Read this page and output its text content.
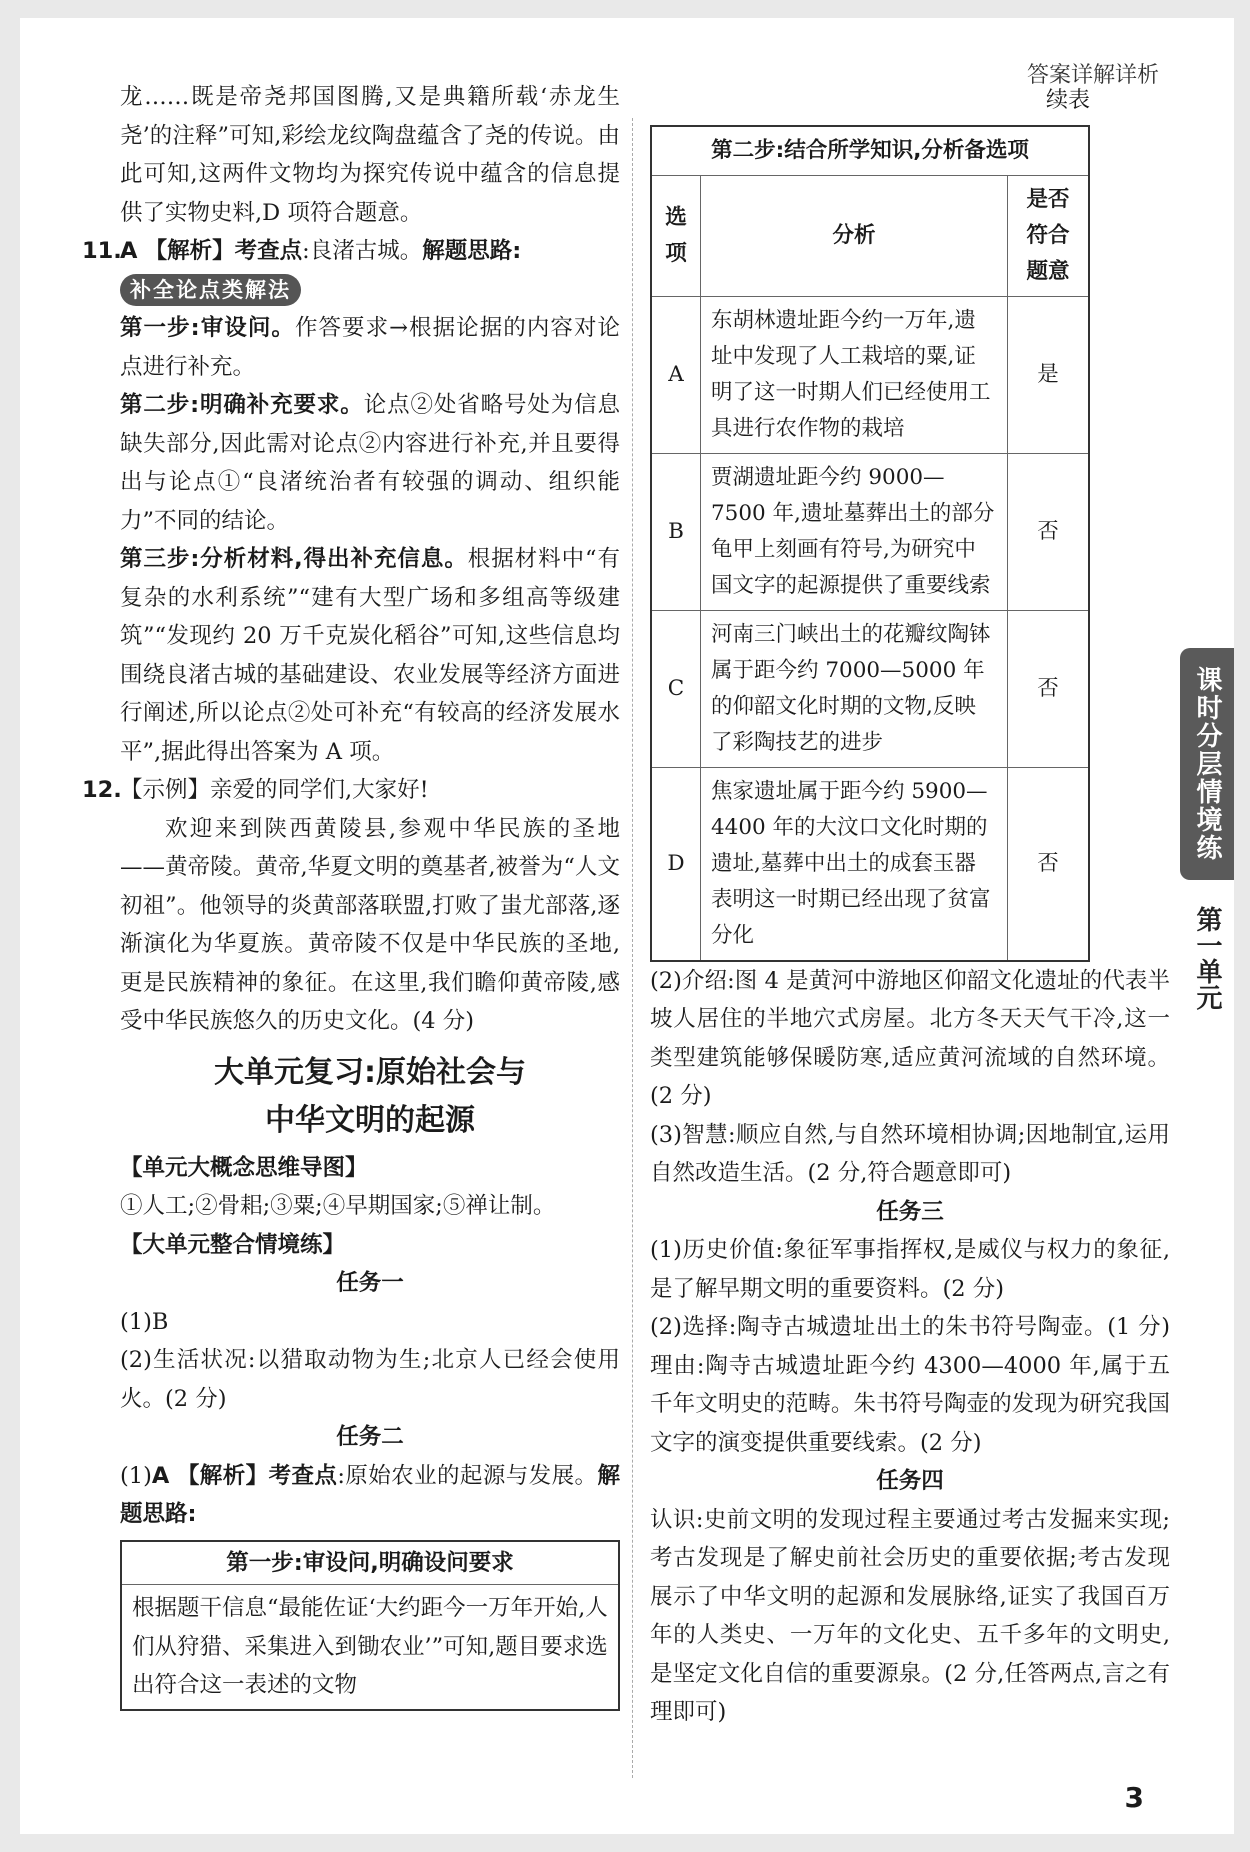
答案详解详析

龙……既是帝尧邦国图腾,又是典籍所载‘赤龙生尧’的注释”可知,彩绘龙纹陶盘蕴含了尧的传说。由此可知,这两件文物均为探究传说中蕴含的信息提供了实物史料,D 项符合题意。

11.A 【解析】考查点:良渚古城。解题思路:

补全论点类解法

第一步:审设问。作答要求→根据论据的内容对论点进行补充。

第二步:明确补充要求。论点②处省略号处为信息缺失部分,因此需对论点②内容进行补充,并且要得出与论点①“良渚统治者有较强的调动、组织能力”不同的结论。

第三步:分析材料,得出补充信息。根据材料中“有复杂的水利系统”“建有大型广场和多组高等级建筑”“发现约 20 万千克炭化稻谷”可知,这些信息均围绕良渚古城的基础建设、农业发展等经济方面进行阐述,所以论点②处可补充“有较高的经济发展水平”,据此得出答案为 A 项。

12.【示例】亲爱的同学们,大家好!

欢迎来到陕西黄陵县,参观中华民族的圣地——黄帝陵。黄帝,华夏文明的奠基者,被誉为“人文初祖”。他领导的炎黄部落联盟,打败了蚩尤部落,逐渐演化为华夏族。黄帝陵不仅是中华民族的圣地,更是民族精神的象征。在这里,我们瞻仰黄帝陵,感受中华民族悠久的历史文化。(4 分)

大单元复习:原始社会与
中华文明的起源

【单元大概念思维导图】

①人工;②骨耜;③粟;④早期国家;⑤禅让制。

【大单元整合情境练】

任务一

(1)B

(2)生活状况:以猎取动物为生;北京人已经会使用火。(2 分)

任务二

(1)A 【解析】考查点:原始农业的起源与发展。解题思路:

第一步:审设问,明确设问要求
根据题干信息“最能佐证‘大约距今一万年开始,人们从狩猎、采集进入到锄农业’”可知,题目要求选出符合这一表述的文物
续表
第二步:结合所学知识,分析备选项		
选项	分析	是否符合题意
A	东胡林遗址距今约一万年,遗址中发现了人工栽培的粟,证明了这一时期人们已经使用工具进行农作物的栽培	是
B	贾湖遗址距今约 9000—7500 年,遗址墓葬出土的部分龟甲上刻画有符号,为研究中国文字的起源提供了重要线索	否
C	河南三门峡出土的花瓣纹陶钵属于距今约 7000—5000 年的仰韶文化时期的文物,反映了彩陶技艺的进步	否
D	焦家遗址属于距今约 5900—4400 年的大汶口文化时期的遗址,墓葬中出土的成套玉器表明这一时期已经出现了贫富分化	否

(2)介绍:图 4 是黄河中游地区仰韶文化遗址的代表半坡人居住的半地穴式房屋。北方冬天天气干冷,这一类型建筑能够保暖防寒,适应黄河流域的自然环境。(2 分)

(3)智慧:顺应自然,与自然环境相协调;因地制宜,运用自然改造生活。(2 分,符合题意即可)

任务三

(1)历史价值:象征军事指挥权,是威仪与权力的象征,是了解早期文明的重要资料。(2 分)

(2)选择:陶寺古城遗址出土的朱书符号陶壶。(1 分)理由:陶寺古城遗址距今约 4300—4000 年,属于五千年文明史的范畴。朱书符号陶壶的发现为研究我国文字的演变提供重要线索。(2 分)

任务四

认识:史前文明的发现过程主要通过考古发掘来实现;考古发现是了解史前社会历史的重要依据;考古发现展示了中华文明的起源和发展脉络,证实了我国百万年的人类史、一万年的文化史、五千多年的文明史,是坚定文化自信的重要源泉。(2 分,任答两点,言之有理即可)

课时分层情境练
第一单元
3
